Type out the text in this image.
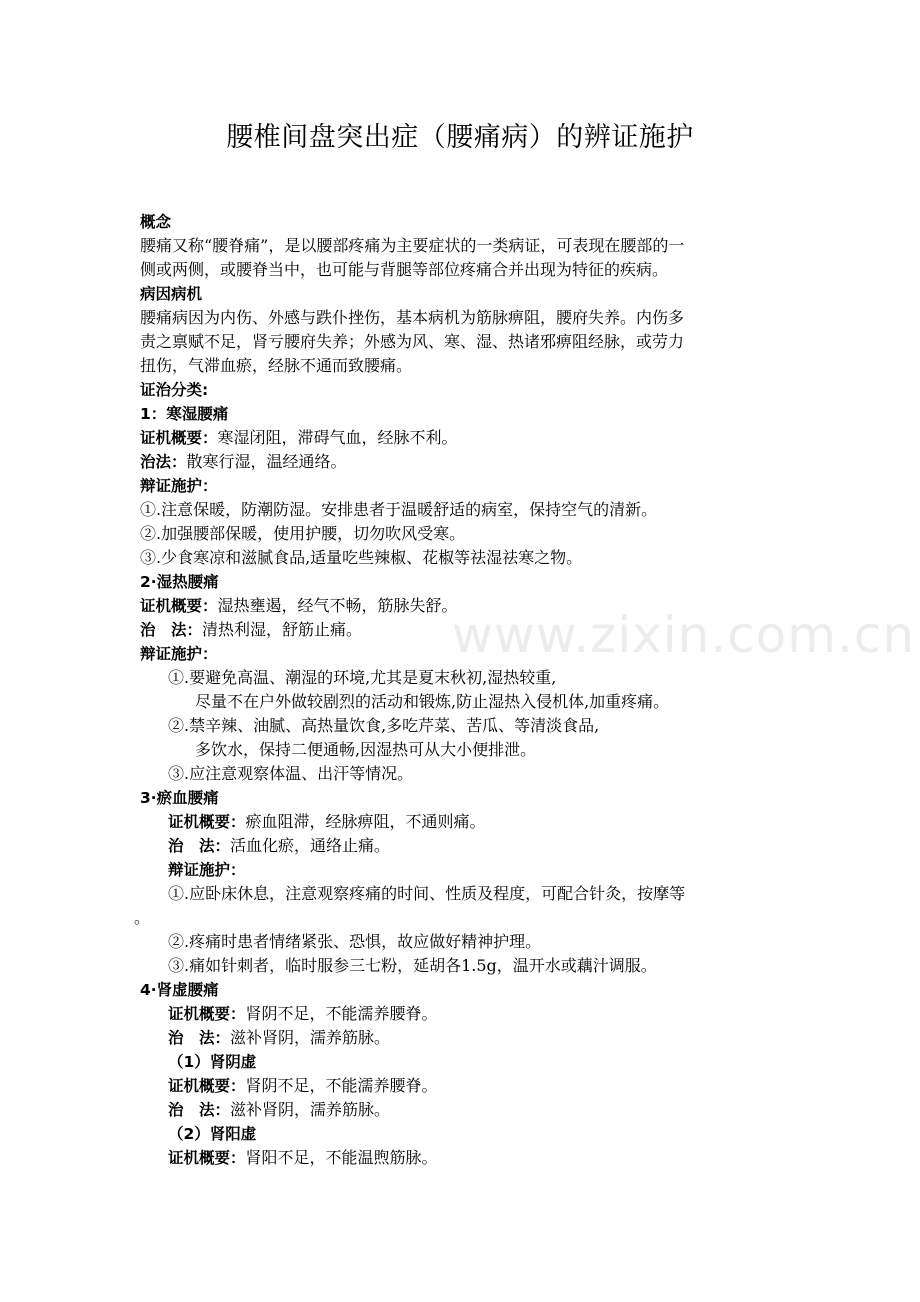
腰椎间盘突出症（腰痛病）的辨证施护
www.zixin.com.cn

概念

腰痛又称“腰脊痛”，是以腰部疼痛为主要症状的一类病证，可表现在腰部的一

侧或两侧，或腰脊当中，也可能与背腿等部位疼痛合并出现为特征的疾病。

病因病机

腰痛病因为内伤、外感与跌仆挫伤，基本病机为筋脉痹阻，腰府失养。内伤多

责之禀赋不足，肾亏腰府失养；外感为风、寒、湿、热诸邪痹阻经脉，或劳力

扭伤，气滞血瘀，经脉不通而致腰痛。

证治分类:

1：寒湿腰痛

证机概要：寒湿闭阻，滞碍气血，经脉不利。

治法：散寒行湿，温经通络。

辩证施护：

①.注意保暖，防潮防湿。安排患者于温暖舒适的病室，保持空气的清新。

②.加强腰部保暖，使用护腰，切勿吹风受寒。

③.少食寒凉和滋腻食品,适量吃些辣椒、花椒等祛湿祛寒之物。

2·湿热腰痛

证机概要：湿热壅遏，经气不畅，筋脉失舒。

治　法：清热利湿，舒筋止痛。

辩证施护：

①.要避免高温、潮湿的环境,尤其是夏末秋初,湿热较重,

尽量不在户外做较剧烈的活动和锻炼,防止湿热入侵机体,加重疼痛。

②.禁辛辣、油腻、高热量饮食,多吃芹菜、苦瓜、等清淡食品,

多饮水，保持二便通畅,因湿热可从大小便排泄。

③.应注意观察体温、出汗等情况。

3·瘀血腰痛

证机概要：瘀血阻滞，经脉痹阻，不通则痛。

治　法：活血化瘀，通络止痛。

辩证施护：

①.应卧床休息，注意观察疼痛的时间、性质及程度，可配合针灸，按摩等

。

②.疼痛时患者情绪紧张、恐惧，故应做好精神护理。

③.痛如针刺者，临时服参三七粉，延胡各1.5g，温开水或藕汁调服。

4·肾虚腰痛

证机概要：肾阴不足，不能濡养腰脊。

治　法：滋补肾阴，濡养筋脉。

（1）肾阴虚

证机概要：肾阴不足，不能濡养腰脊。

治　法：滋补肾阴，濡养筋脉。

（2）肾阳虚

证机概要：肾阳不足，不能温煦筋脉。
